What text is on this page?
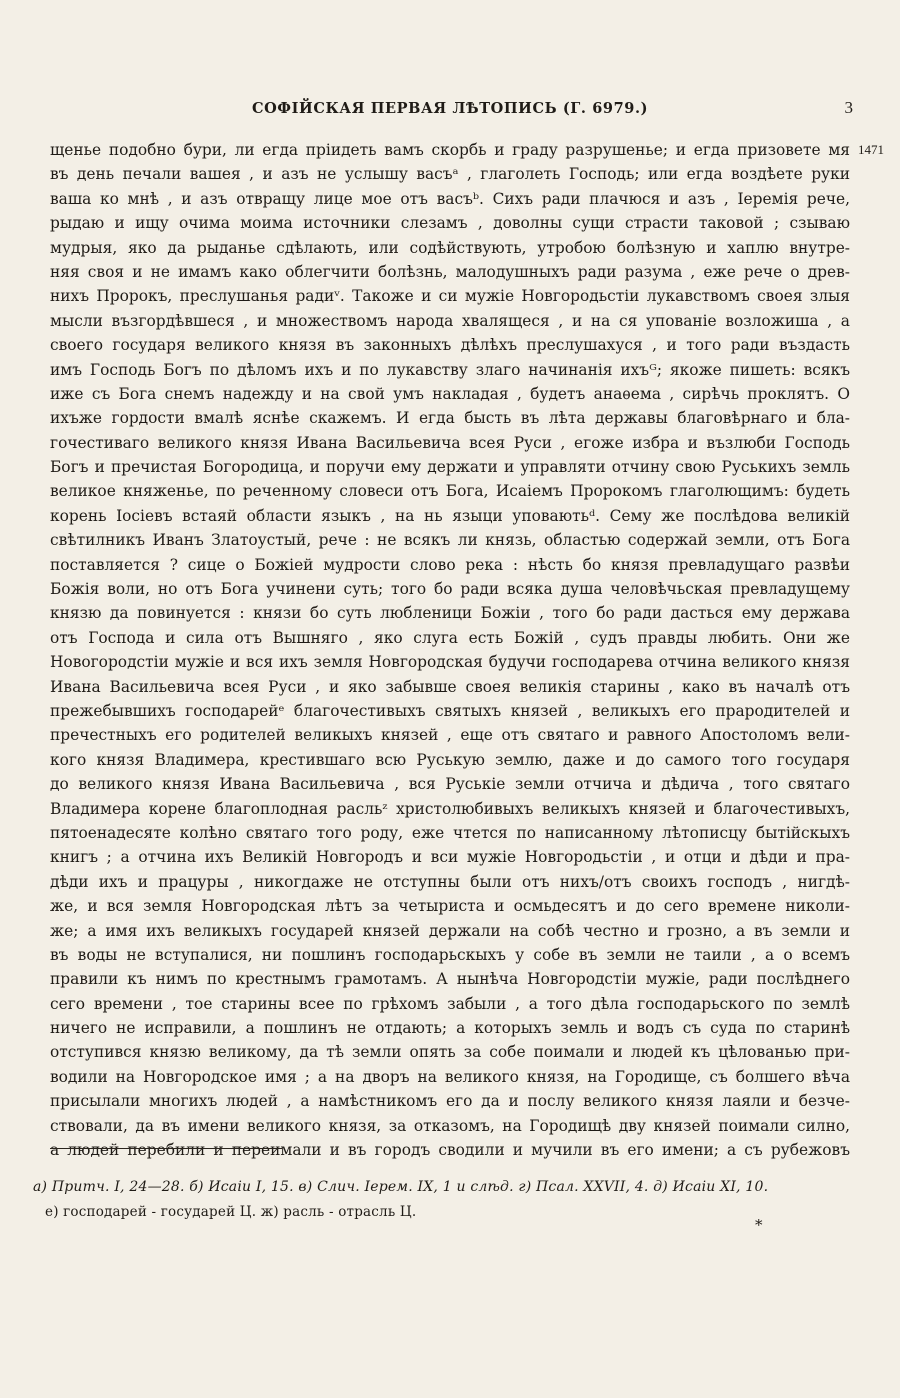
СОФІЙСКАЯ ПЕРВАЯ ЛѢТОПИСЬ (Г. 6979.)	3
щенье подобно бури, ли егда пріидеть вамъ скорбь и граду разрушенье; и егда призовете мя 1471
въ день печали вашея , и азъ не услышу васъᵃ , глаголеть Господь; или егда воздѣете руки
ваша ко мнѣ , и азъ отвращу лице мое отъ васъᵇ. Сихъ ради плачюся и азъ , Іеремія рече,
рыдаю и ищу очима моима источники слезамъ , доволны сущи страсти таковой ; сзываю
мудрыя, яко да рыданье сдѣлають, или содѣйствують, утробою болѣзную и хаплю внутре-
няя своя и не имамъ како облегчити болѣзнь, малодушныхъ ради разума , еже рече о древ-
нихъ Пророкъ, преслушанья радиᵛ. Такоже и си мужіе Новгородьстіи лукавствомъ своея злыя
мысли възгордѣвшеся , и множествомъ народа хвалящеся , и на ся упованіе возложиша , а
своего государя великого князя въ законныхъ дѣлѣхъ преслушахуся , и того ради въздасть
имъ Господь Богъ по дѣломъ ихъ и по лукавству злаго начинанія ихъᴳ; якоже пишеть: всякъ
иже съ Бога снемъ надежду и на свой умъ накладая , будетъ анаѳема , сирѣчь проклятъ. О
ихъже гордости вмалѣ яснѣе скажемъ. И егда бысть въ лѣта державы благовѣрнаго и бла-
гочестиваго великого князя Ивана Васильевича всея Руси , егоже избра и възлюби Господь
Богъ и пречистая Богородица, и поручи ему держати и управляти отчину свою Руськихъ земль
великое княженье, по реченному словеси отъ Бога, Исаіемъ Пророкомъ глаголющимъ: будеть
корень Іосіевъ встаяй области языкъ , на нь языци уповаютьᵈ. Сему же послѣдова великій
свѣтилникъ Иванъ Златоустый, рече : не всякъ ли князь, областью содержай земли, отъ Бога
поставляется ? сице о Божіей мудрости слово река : нѣсть бо князя превладущаго развѣи
Божія воли, но отъ Бога учинени суть; того бо ради всяка душа человѣчьская превладущему
князю да повинуется : князи бо суть любленици Божіи , того бо ради дасться ему держава
отъ Господа и сила отъ Вышняго , яко слуга есть Божій , судъ правды любить. Они же
Новогородстіи мужіе и вся ихъ земля Новгородская будучи господарева отчина великого князя
Ивана Васильевича всея Руси , и яко забывше своея великія старины , како въ началѣ отъ
прежебывшихъ господарейᵉ благочестивыхъ святыхъ князей , великыхъ его прародителей и
пречестныхъ его родителей великыхъ князей , еще отъ святаго и равного Апостоломъ вели-
кого князя Владимера, крестившаго всю Руськую землю, даже и до самого того государя
до великого князя Ивана Васильевича , вся Руськіе земли отчича и дѣдича , того святаго
Владимера корене благоплодная расльᶻ христолюбивыхъ великыхъ князей и благочестивыхъ,
пятоенадесяте колѣно святаго того роду, еже чтется по написанному лѣтописцу бытійскыхъ
книгъ ; а отчина ихъ Великій Новгородъ и вси мужіе Новгородьстіи , и отци и дѣди и пра-
дѣди ихъ и працуры , никогдаже не отступны были отъ нихъ/отъ своихъ господъ , нигдѣ-
же, и вся земля Новгородская лѣтъ за четыриста и осмьдесятъ и до сего времене николи-
же; а имя ихъ великыхъ государей князей держали на собѣ честно и грозно, а въ земли и
въ воды не вступалися, ни пошлинъ господарьскыхъ у собе въ земли не таили , а о всемъ
правили къ нимъ по крестнымъ грамотамъ. А нынѣча Новгородстіи мужіе, ради послѣднего
сего времени , тое старины всее по грѣхомъ забыли , а того дѣла господарьского по землѣ
ничего не исправили, а пошлинъ не отдають; а которыхъ земль и водъ съ суда по старинѣ
отступився князю великому, да тѣ земли опять за собе поимали и людей къ цѣлованью при-
водили на Новгородское имя ; а на дворъ на великого князя, на Городище, съ болшего вѣча
присылали многихъ людей , а намѣстникомъ его да и послу великого князя лаяли и безче-
ствовали, да въ имени великого князя, за отказомъ, на Городищѣ дву князей поимали силно,
а людей перебили и переимали и въ городъ сводили и мучили въ его имени; а съ рубежовъ
а) Притч. I, 24—28. б) Исаіи I, 15. в) Слич. Іерем. IX, 1 и слѣд. г) Псал. XXVII, 4. д) Исаіи XI, 10.
е) господарей - государей Ц. ж) расль - отрасль Ц.
*
